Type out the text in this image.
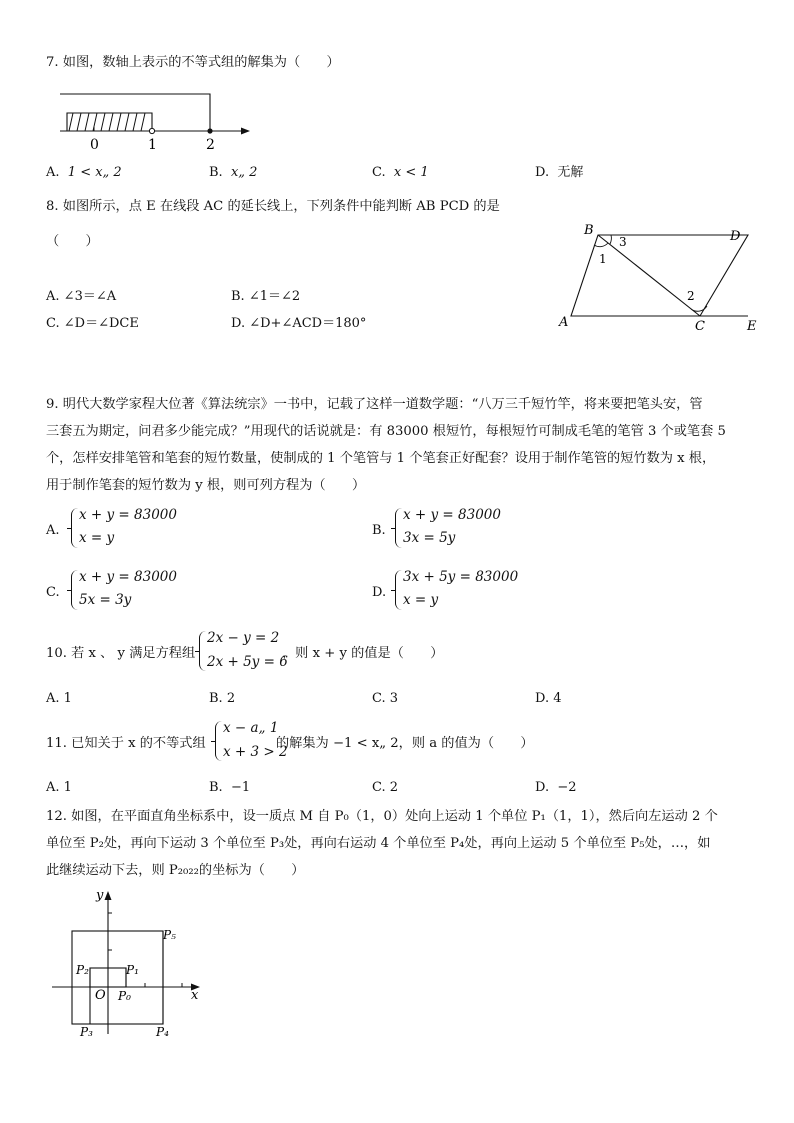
7. 如图，数轴上表示的不等式组的解集为（　　）
0	1	2
A. 1 < x„ 2	B. x„ 2	C. x < 1	D. 无解
8. 如图所示，点 E 在线段 AC 的延长线上，下列条件中能判断 AB PCD 的是
（　　）
A. ∠3＝∠A	B. ∠1＝∠2
C. ∠D＝∠DCE	D. ∠D+∠ACD＝180°
B	D
A	C	E
1
3
2
9. 明代大数学家程大位著《算法统宗》一书中，记载了这样一道数学题：“八万三千短竹竿，将来要把笔头安，管
三套五为期定，问君多少能完成？”用现代的话说就是：有 83000 根短竹，每根短竹可制成毛笔的笔管 3 个或笔套 5
个，怎样安排笔管和笔套的短竹数量，使制成的 1 个笔管与 1 个笔套正好配套？设用于制作笔管的短竹数为 x 根，
用于制作笔套的短竹数为 y 根，则可列方程为（　　）
A.
x + y = 83000
x = y	B.
x + y = 83000
3x = 5y
C.
x + y = 83000
5x = 3y	D.
3x + 5y = 83000
x = y
10. 若 x 、 y 满足方程组
2x − y = 2
2x + 5y = 6
，则 x + y 的值是（　　）
A. 1	B. 2	C. 3	D. 4
11. 已知关于 x 的不等式组
x − a„ 1
x + 3 > 2
的解集为 −1 < x„ 2，则 a 的值为（　　）
A. 1	B. −1	C. 2	D. −2
12. 如图，在平面直角坐标系中，设一质点 M 自 P₀（1，0）处向上运动 1 个单位 P₁（1，1），然后向左运动 2 个
单位至 P₂处，再向下运动 3 个单位至 P₃处，再向右运动 4 个单位至 P₄处，再向上运动 5 个单位至 P₅处，…，如
此继续运动下去，则 P₂₀₂₂的坐标为（　　）
y
x
O P₀
P₁
P₂
P₃	P₄
P₅
